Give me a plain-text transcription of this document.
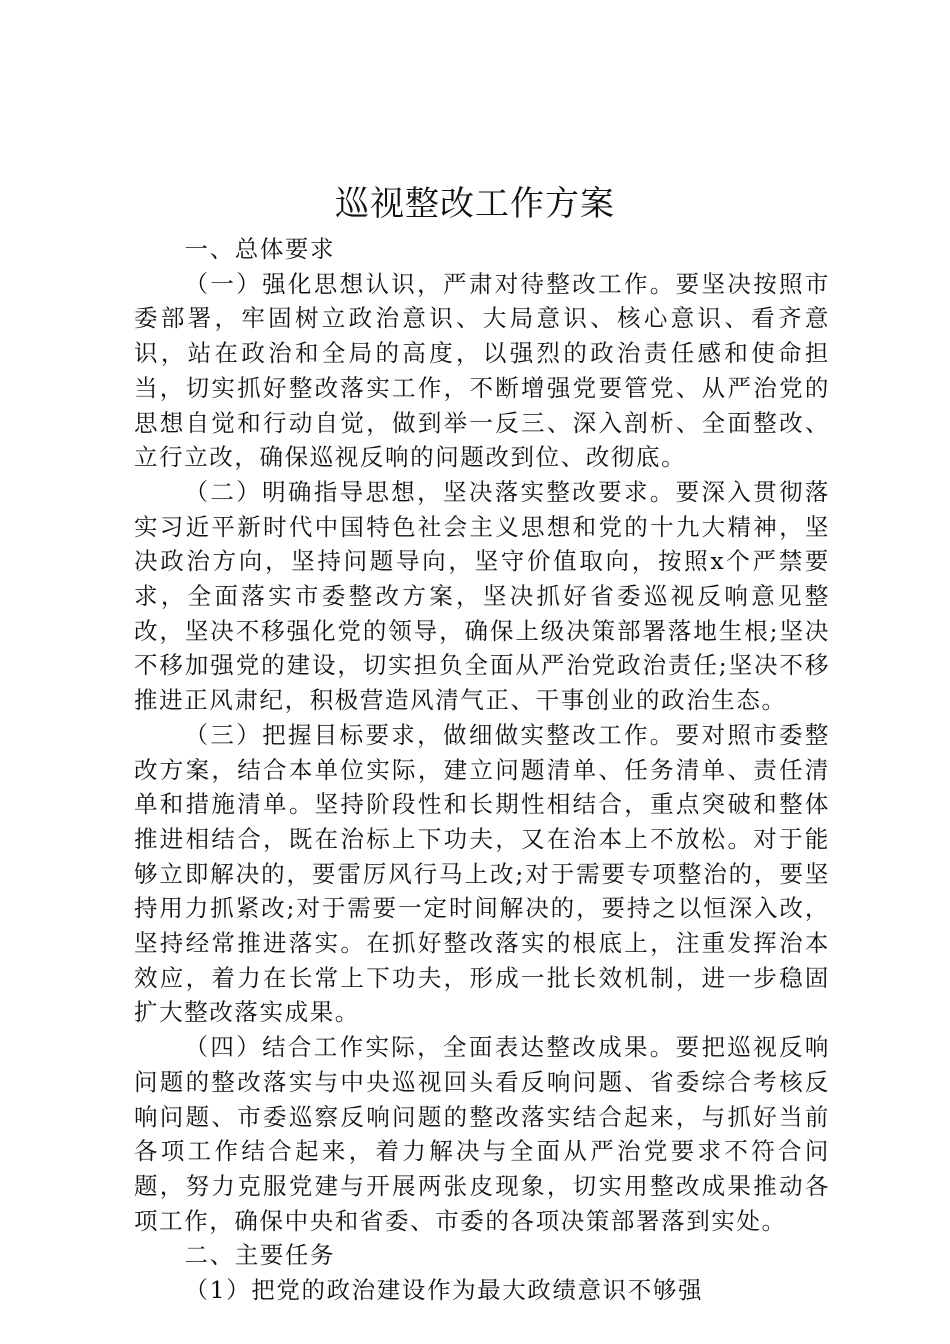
巡视整改工作方案

一、总体要求

（一）强化思想认识，严肃对待整改工作。要坚决按照市委部署，牢固树立政治意识、大局意识、核心意识、看齐意识，站在政治和全局的高度，以强烈的政治责任感和使命担当，切实抓好整改落实工作，不断增强党要管党、从严治党的思想自觉和行动自觉，做到举一反三、深入剖析、全面整改、立行立改，确保巡视反响的问题改到位、改彻底。

（二）明确指导思想，坚决落实整改要求。要深入贯彻落实习近平新时代中国特色社会主义思想和党的十九大精神，坚决政治方向，坚持问题导向，坚守价值取向，按照x个严禁要求，全面落实市委整改方案，坚决抓好省委巡视反响意见整改，坚决不移强化党的领导，确保上级决策部署落地生根;坚决不移加强党的建设，切实担负全面从严治党政治责任;坚决不移推进正风肃纪，积极营造风清气正、干事创业的政治生态。

（三）把握目标要求，做细做实整改工作。要对照市委整改方案，结合本单位实际，建立问题清单、任务清单、责任清单和措施清单。坚持阶段性和长期性相结合，重点突破和整体推进相结合，既在治标上下功夫，又在治本上不放松。对于能够立即解决的，要雷厉风行马上改;对于需要专项整治的，要坚持用力抓紧改;对于需要一定时间解决的，要持之以恒深入改，坚持经常推进落实。在抓好整改落实的根底上，注重发挥治本效应，着力在长常上下功夫，形成一批长效机制，进一步稳固扩大整改落实成果。

（四）结合工作实际，全面表达整改成果。要把巡视反响问题的整改落实与中央巡视回头看反响问题、省委综合考核反响问题、市委巡察反响问题的整改落实结合起来，与抓好当前各项工作结合起来，着力解决与全面从严治党要求不符合问题，努力克服党建与开展两张皮现象，切实用整改成果推动各项工作，确保中央和省委、市委的各项决策部署落到实处。

二、主要任务

（1）把党的政治建设作为最大政绩意识不够强
